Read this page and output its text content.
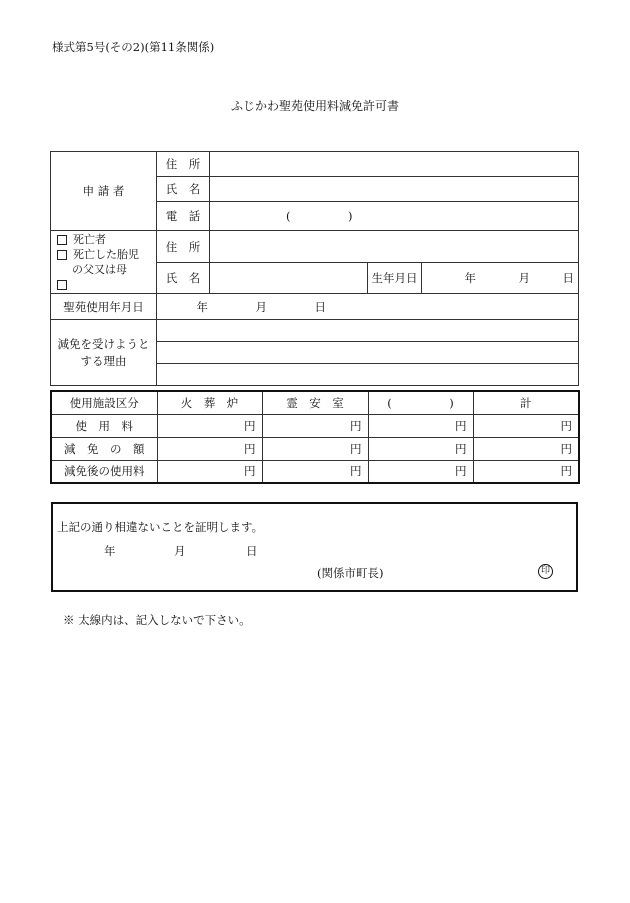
様式第5号(その2)(第11条関係)
ふじかわ聖苑使用料減免許可書
申 請 者	住　所			
	氏　名			
	電　話	(　　　　　)		

死亡者
死亡した胎児
の父又は母	住　所			
	氏　名		生年月日	年 月 日
聖苑使用年月日	年 月 日			

減免を受けようと
する理由				

使用施設区分	火　葬　炉	霊　安　室	(　　　　　)	計
使　用　料	円	円	円	円
減　免　の　額	円	円	円	円
減免後の使用料	円	円	円	円
上記の通り相違ないことを証明します。
年	月	日
(関係市町長)	印
※ 太線内は、記入しないで下さい。
